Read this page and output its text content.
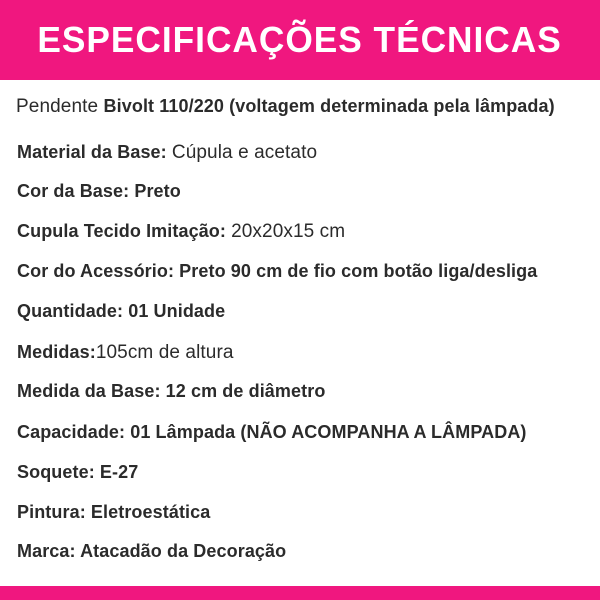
ESPECIFICAÇÕES TÉCNICAS
Pendente Bivolt 110/220 (voltagem determinada pela lâmpada)
Material da Base: Cúpula e acetato
Cor da Base: Preto
Cupula Tecido Imitação: 20x20x15 cm
Cor do Acessório: Preto 90 cm de fio com botão liga/desliga
Quantidade: 01 Unidade
Medidas:105cm de altura
Medida da Base: 12 cm de diâmetro
Capacidade: 01 Lâmpada (NÃO ACOMPANHA A LÂMPADA)
Soquete: E-27
Pintura: Eletroestática
Marca: Atacadão da Decoração
